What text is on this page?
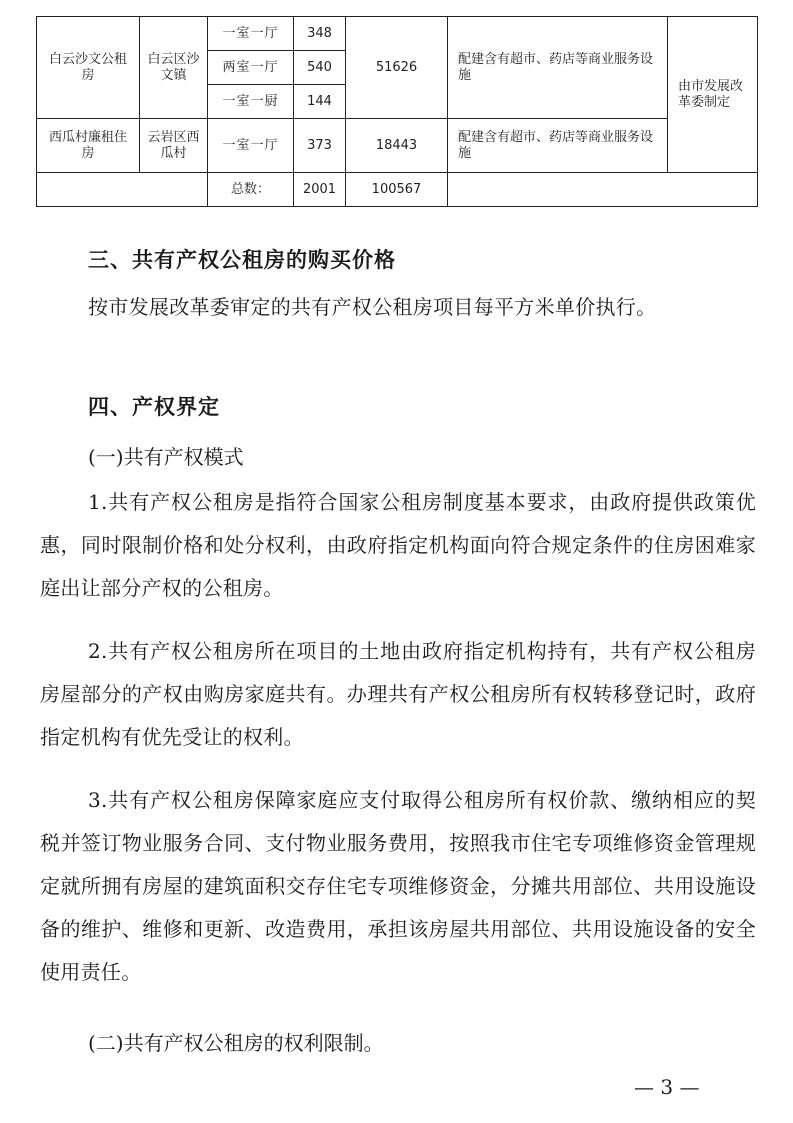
白云沙文公租房	白云区沙文镇	一室一厅	348	51626	配建含有超市、药店等商业服务设施	由市发展改革委制定
		两室一厅	540			
		一室一厨	144			
西瓜村廉租住房	云岩区西瓜村	一室一厅	373	18443	配建含有超市、药店等商业服务设施	
		总数：	2001	100567		
三、共有产权公租房的购买价格

按市发展改革委审定的共有产权公租房项目每平方米单价执行。

四、产权界定
(一)共有产权模式

1.共有产权公租房是指符合国家公租房制度基本要求，由政府提供政策优惠，同时限制价格和处分权利，由政府指定机构面向符合规定条件的住房困难家庭出让部分产权的公租房。

2.共有产权公租房所在项目的土地由政府指定机构持有，共有产权公租房房屋部分的产权由购房家庭共有。办理共有产权公租房所有权转移登记时，政府指定机构有优先受让的权利。

3.共有产权公租房保障家庭应支付取得公租房所有权价款、缴纳相应的契税并签订物业服务合同、支付物业服务费用，按照我市住宅专项维修资金管理规定就所拥有房屋的建筑面积交存住宅专项维修资金，分摊共用部位、共用设施设备的维护、维修和更新、改造费用，承担该房屋共用部位、共用设施设备的安全使用责任。

(二)共有产权公租房的权利限制。
— 3 —
